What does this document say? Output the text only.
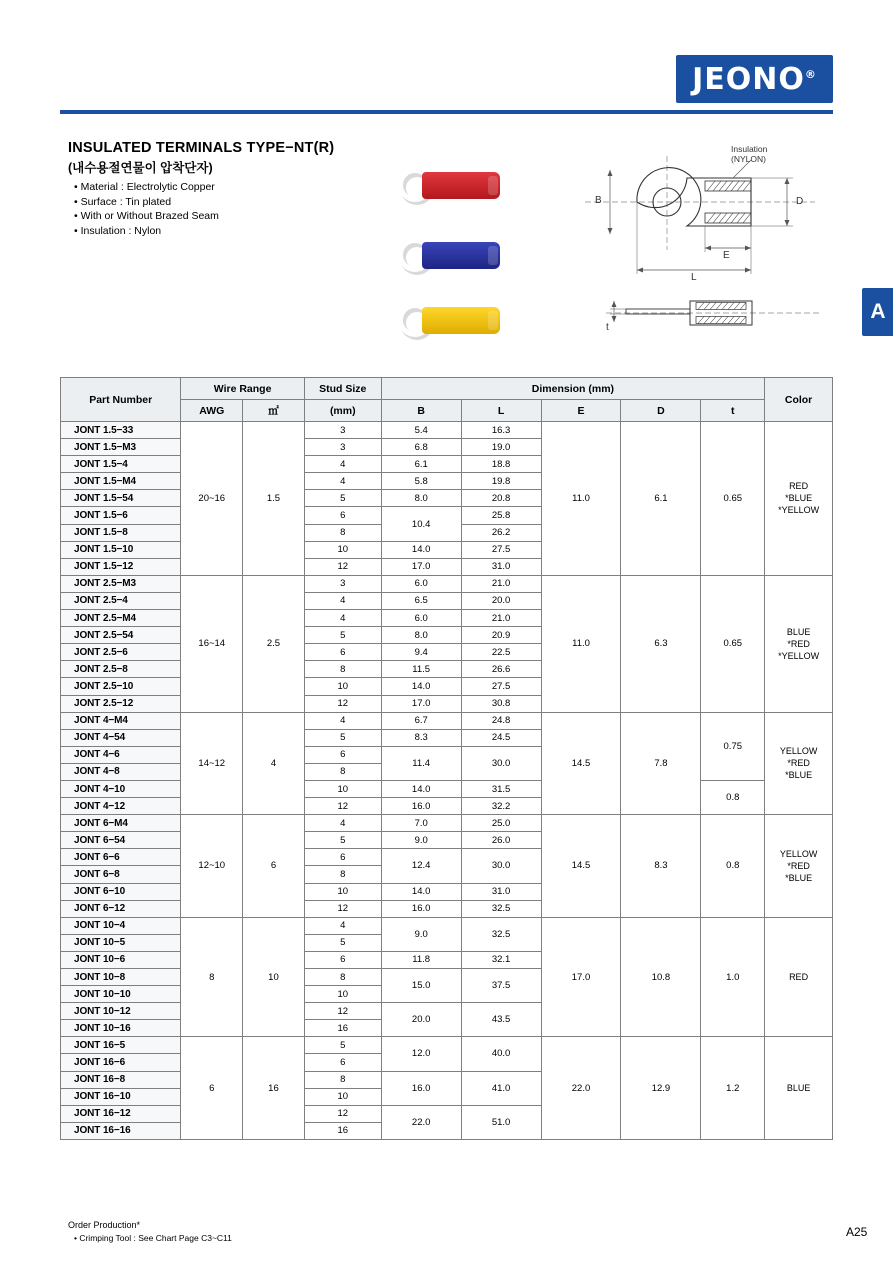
JEONO®
INSULATED TERMINALS TYPE−NT(R)
(내수용절연물이 압착단자)
• Material : Electrolytic Copper
• Surface : Tin plated
• With or Without Brazed Seam
• Insulation : Nylon
Insulation
(NYLON)
B	D
E
L
t
A
Part Number	Wire Range		Stud Size	Dimension (mm)					Color
	AWG	㎡	(mm)	B	L	E	D	t	
JONT 1.5−33	20~16	1.5	3	5.4	16.3	11.0	6.1	0.65	RED
*BLUE
*YELLOW

JONT 1.5−M3			3	6.8	19.0				
JONT 1.5−4			4	6.1	18.8				
JONT 1.5−M4			4	5.8	19.8				
JONT 1.5−54			5	8.0	20.8				
JONT 1.5−6			6	10.4	25.8				
JONT 1.5−8			8		26.2				
JONT 1.5−10			10	14.0	27.5				
JONT 1.5−12			12	17.0	31.0				
JONT 2.5−M3	16~14	2.5	3	6.0	21.0	11.0	6.3	0.65	BLUE
*RED
*YELLOW

JONT 2.5−4			4	6.5	20.0				
JONT 2.5−M4			4	6.0	21.0				
JONT 2.5−54			5	8.0	20.9				
JONT 2.5−6			6	9.4	22.5				
JONT 2.5−8			8	11.5	26.6				
JONT 2.5−10			10	14.0	27.5				
JONT 2.5−12			12	17.0	30.8				
JONT 4−M4	14~12	4	4	6.7	24.8	14.5	7.8	0.75	YELLOW
*RED
*BLUE

JONT 4−54			5	8.3	24.5				
JONT 4−6			6	11.4	30.0				
JONT 4−8			8						
JONT 4−10			10	14.0	31.5			0.8	
JONT 4−12			12	16.0	32.2				
JONT 6−M4	12~10	6	4	7.0	25.0	14.5	8.3	0.8	YELLOW
*RED
*BLUE

JONT 6−54			5	9.0	26.0				
JONT 6−6			6	12.4	30.0				
JONT 6−8			8						
JONT 6−10			10	14.0	31.0				
JONT 6−12			12	16.0	32.5				
JONT 10−4	8	10	4	9.0	32.5	17.0	10.8	1.0	RED

JONT 10−5			5						
JONT 10−6			6	11.8	32.1				
JONT 10−8			8	15.0	37.5				
JONT 10−10			10						
JONT 10−12			12	20.0	43.5				
JONT 10−16			16						
JONT 16−5	6	16	5	12.0	40.0	22.0	12.9	1.2	BLUE

JONT 16−6			6						
JONT 16−8			8	16.0	41.0				
JONT 16−10			10						
JONT 16−12			12	22.0	51.0				
JONT 16−16			16						
Order Production*
• Crimping Tool : See Chart Page C3~C11	A25
